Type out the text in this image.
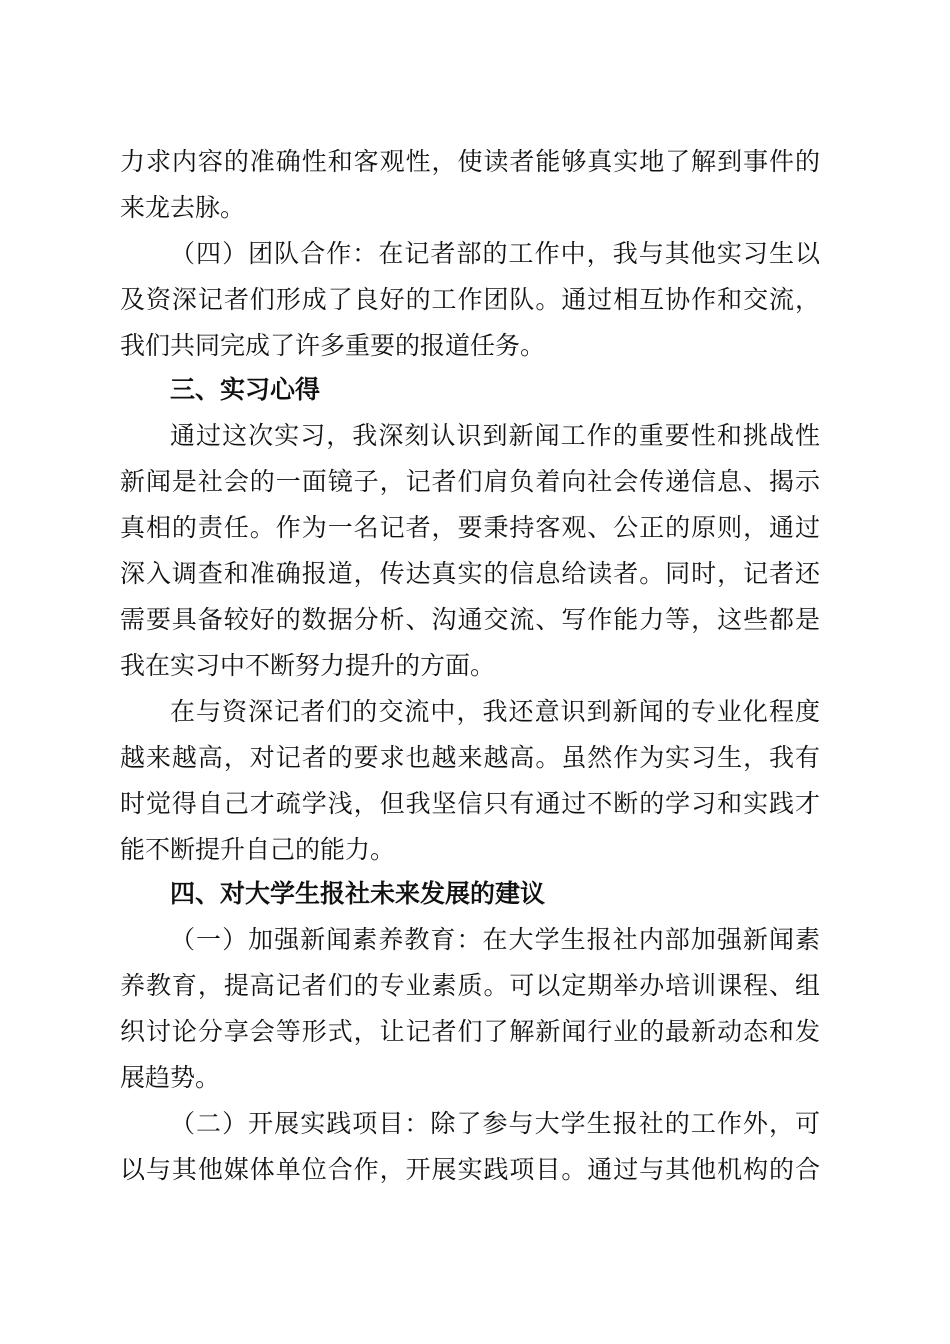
力求内容的准确性和客观性，使读者能够真实地了解到事件的
来龙去脉。
（四）团队合作：在记者部的工作中，我与其他实习生以
及资深记者们形成了良好的工作团队。通过相互协作和交流，
我们共同完成了许多重要的报道任务。
三、实习心得
通过这次实习，我深刻认识到新闻工作的重要性和挑战性
新闻是社会的一面镜子，记者们肩负着向社会传递信息、揭示
真相的责任。作为一名记者，要秉持客观、公正的原则，通过
深入调查和准确报道，传达真实的信息给读者。同时，记者还
需要具备较好的数据分析、沟通交流、写作能力等，这些都是
我在实习中不断努力提升的方面。
在与资深记者们的交流中，我还意识到新闻的专业化程度
越来越高，对记者的要求也越来越高。虽然作为实习生，我有
时觉得自己才疏学浅，但我坚信只有通过不断的学习和实践才
能不断提升自己的能力。
四、对大学生报社未来发展的建议
（一）加强新闻素养教育：在大学生报社内部加强新闻素
养教育，提高记者们的专业素质。可以定期举办培训课程、组
织讨论分享会等形式，让记者们了解新闻行业的最新动态和发
展趋势。
（二）开展实践项目：除了参与大学生报社的工作外，可
以与其他媒体单位合作，开展实践项目。通过与其他机构的合
